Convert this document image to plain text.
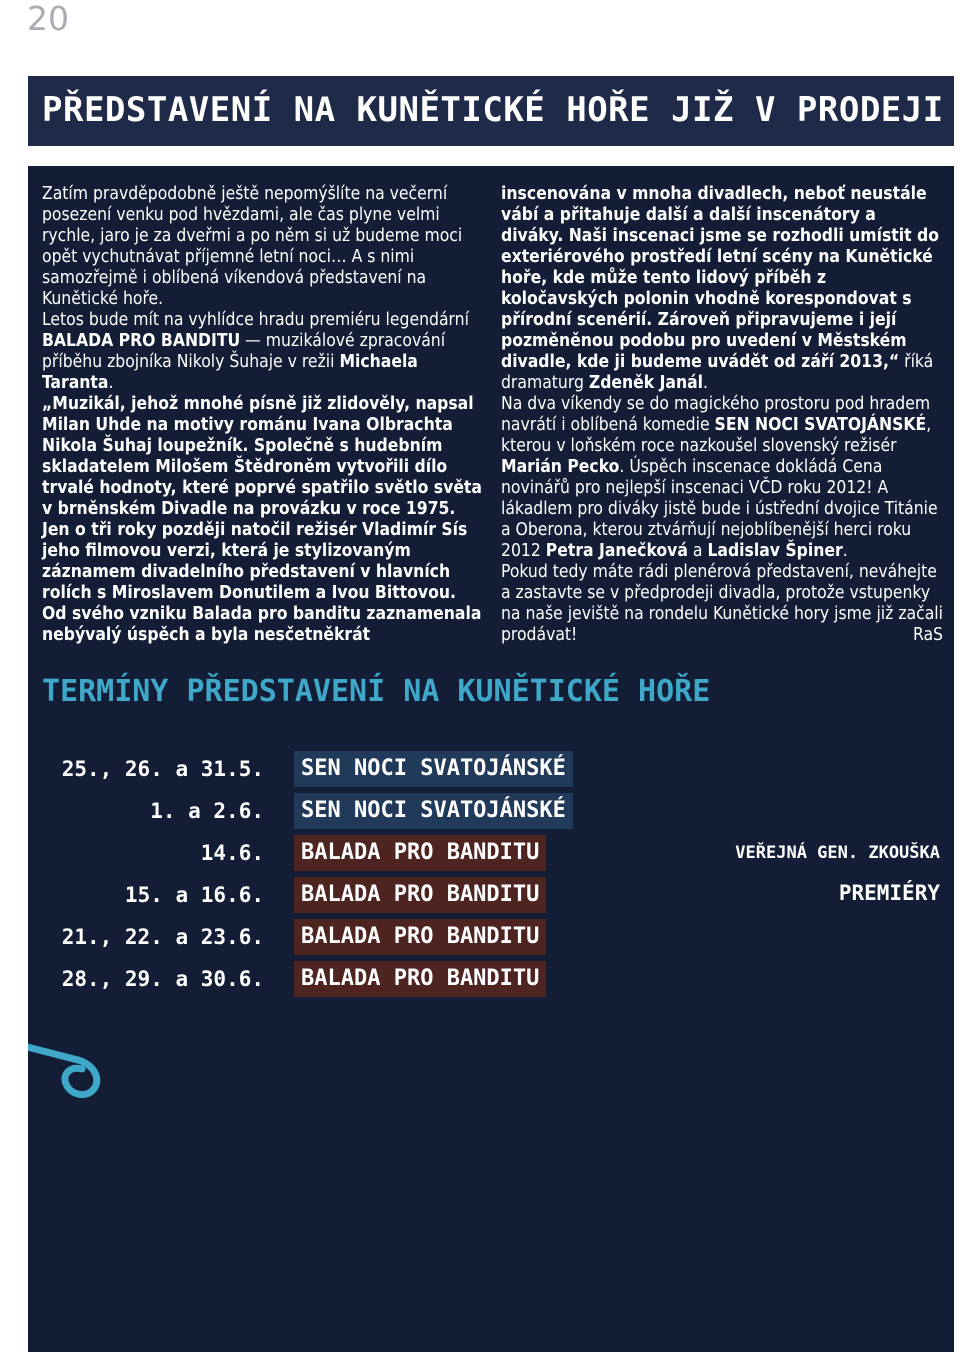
20
PŘEDSTAVENÍ NA KUNĚTICKÉ HOŘE JIŽ V PRODEJI

Zatím pravděpodobně ještě nepomýšlíte na večerní posezení venku pod hvězdami, ale čas plyne velmi rychle, jaro je za dveřmi a po něm si už budeme moci opět vychutnávat příjemné letní noci… A s nimi samozřejmě i oblíbená víkendová představení na Kunětické hoře.

Letos bude mít na vyhlídce hradu premiéru legendární BALADA PRO BANDITU — muzikálové zpracování příběhu zbojníka Nikoly Šuhaje v režii Michaela Taranta.

„Muzikál, jehož mnohé písně již zlidověly, napsal Milan Uhde na motivy románu Ivana Olbrachta Nikola Šuhaj loupežník. Společně s hudebním skladatelem Milošem Štědroněm vytvořili dílo trvalé hodnoty, které poprvé spatřilo světlo světa v brněnském Divadle na provázku v roce 1975. Jen o tři roky později natočil režisér Vladimír Sís jeho filmovou verzi, která je stylizovaným záznamem divadelního představení v hlavních rolích s Miroslavem Donutilem a Ivou Bittovou. Od svého vzniku Balada pro banditu zaznamenala nebývalý úspěch a byla nesčetněkrát

inscenována v mnoha divadlech, neboť neustále vábí a přitahuje další a další inscenátory a diváky. Naši inscenaci jsme se rozhodli umístit do exteriérového prostředí letní scény na Kunětické hoře, kde může tento lidový příběh z koločavských polonin vhodně korespondovat s přírodní scenérií. Zároveň připravujeme i její pozměněnou podobu pro uvedení v Městském divadle, kde ji budeme uvádět od září 2013,“ říká dramaturg Zdeněk Janál.

Na dva víkendy se do magického prostoru pod hradem navrátí i oblíbená komedie SEN NOCI SVATOJÁNSKÉ, kterou v loňském roce nazkoušel slovenský režisér Marián Pecko. Úspěch inscenace dokládá Cena novinářů pro nejlepší inscenaci VČD roku 2012! A lákadlem pro diváky jistě bude i ústřední dvojice Titánie a Oberona, kterou ztvárňují nejoblíbenější herci roku 2012 Petra Janečková a Ladislav Špiner.

Pokud tedy máte rádi plenérová představení, neváhejte a zastavte se v předprodeji divadla, protože vstupenky na naše jeviště na rondelu Kunětické hory jsme již začali prodávat!	RaS

TERMÍNY PŘEDSTAVENÍ NA KUNĚTICKÉ HOŘE
25., 26. a 31.5.	SEN NOCI SVATOJÁNSKÉ
1. a 2.6.	SEN NOCI SVATOJÁNSKÉ
14.6.	BALADA PRO BANDITU	VEŘEJNÁ GEN. ZKOUŠKA
15. a 16.6.	BALADA PRO BANDITU	PREMIÉRY
21., 22. a 23.6.	BALADA PRO BANDITU
28., 29. a 30.6.	BALADA PRO BANDITU
